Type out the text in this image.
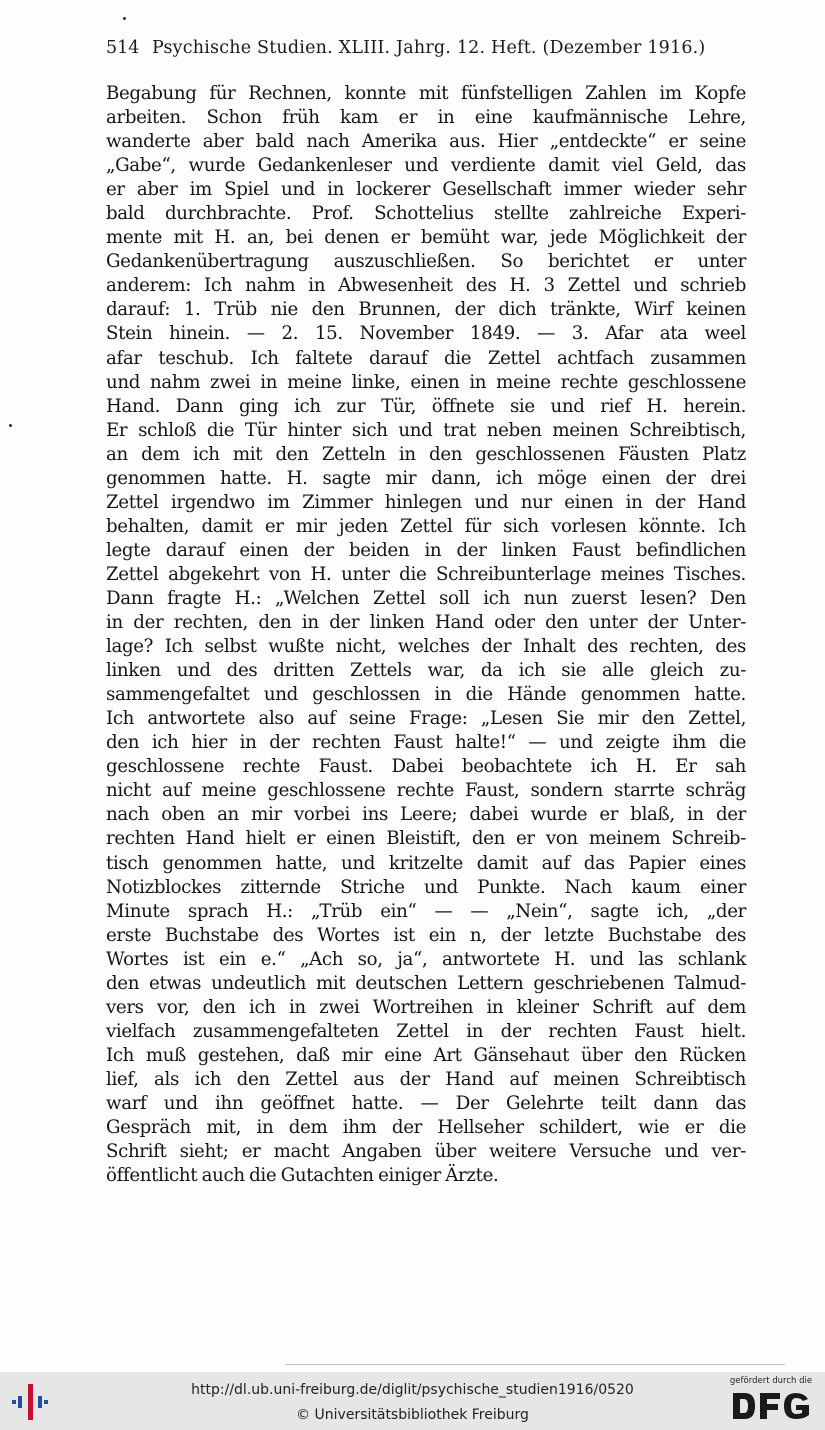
514 Psychische Studien. XLIII. Jahrg. 12. Heft. (Dezember 1916.)
Begabung für Rechnen, konnte mit fünfstelligen Zahlen im Kopfe
arbeiten. Schon früh kam er in eine kaufmännische Lehre,
wanderte aber bald nach Amerika aus. Hier „entdeckte“ er seine
„Gabe“, wurde Gedankenleser und verdiente damit viel Geld, das
er aber im Spiel und in lockerer Gesellschaft immer wieder sehr
bald durchbrachte. Prof. Schottelius stellte zahlreiche Experi-
mente mit H. an, bei denen er bemüht war, jede Möglichkeit der
Gedankenübertragung auszuschließen. So berichtet er unter
anderem: Ich nahm in Abwesenheit des H. 3 Zettel und schrieb
darauf: 1. Trüb nie den Brunnen, der dich tränkte, Wirf keinen
Stein hinein. — 2. 15. November 1849. — 3. Afar ata weel
afar teschub. Ich faltete darauf die Zettel achtfach zusammen
und nahm zwei in meine linke, einen in meine rechte geschlossene
Hand. Dann ging ich zur Tür, öffnete sie und rief H. herein.
Er schloß die Tür hinter sich und trat neben meinen Schreibtisch,
an dem ich mit den Zetteln in den geschlossenen Fäusten Platz
genommen hatte. H. sagte mir dann, ich möge einen der drei
Zettel irgendwo im Zimmer hinlegen und nur einen in der Hand
behalten, damit er mir jeden Zettel für sich vorlesen könnte. Ich
legte darauf einen der beiden in der linken Faust befindlichen
Zettel abgekehrt von H. unter die Schreibunterlage meines Tisches.
Dann fragte H.: „Welchen Zettel soll ich nun zuerst lesen? Den
in der rechten, den in der linken Hand oder den unter der Unter-
lage? Ich selbst wußte nicht, welches der Inhalt des rechten, des
linken und des dritten Zettels war, da ich sie alle gleich zu-
sammengefaltet und geschlossen in die Hände genommen hatte.
Ich antwortete also auf seine Frage: „Lesen Sie mir den Zettel,
den ich hier in der rechten Faust halte!“ — und zeigte ihm die
geschlossene rechte Faust. Dabei beobachtete ich H. Er sah
nicht auf meine geschlossene rechte Faust, sondern starrte schräg
nach oben an mir vorbei ins Leere; dabei wurde er blaß, in der
rechten Hand hielt er einen Bleistift, den er von meinem Schreib-
tisch genommen hatte, und kritzelte damit auf das Papier eines
Notizblockes zitternde Striche und Punkte. Nach kaum einer
Minute sprach H.: „Trüb ein“ — — „Nein“, sagte ich, „der
erste Buchstabe des Wortes ist ein n, der letzte Buchstabe des
Wortes ist ein e.“ „Ach so, ja“, antwortete H. und las schlank
den etwas undeutlich mit deutschen Lettern geschriebenen Talmud-
vers vor, den ich in zwei Wortreihen in kleiner Schrift auf dem
vielfach zusammengefalteten Zettel in der rechten Faust hielt.
Ich muß gestehen, daß mir eine Art Gänsehaut über den Rücken
lief, als ich den Zettel aus der Hand auf meinen Schreibtisch
warf und ihn geöffnet hatte. — Der Gelehrte teilt dann das
Gespräch mit, in dem ihm der Hellseher schildert, wie er die
Schrift sieht; er macht Angaben über weitere Versuche und ver-
öffentlicht auch die Gutachten einiger Ärzte.
http://dl.ub.uni-freiburg.de/diglit/psychische_studien1916/0520
© Universitätsbibliothek Freiburg
gefördert durch die
